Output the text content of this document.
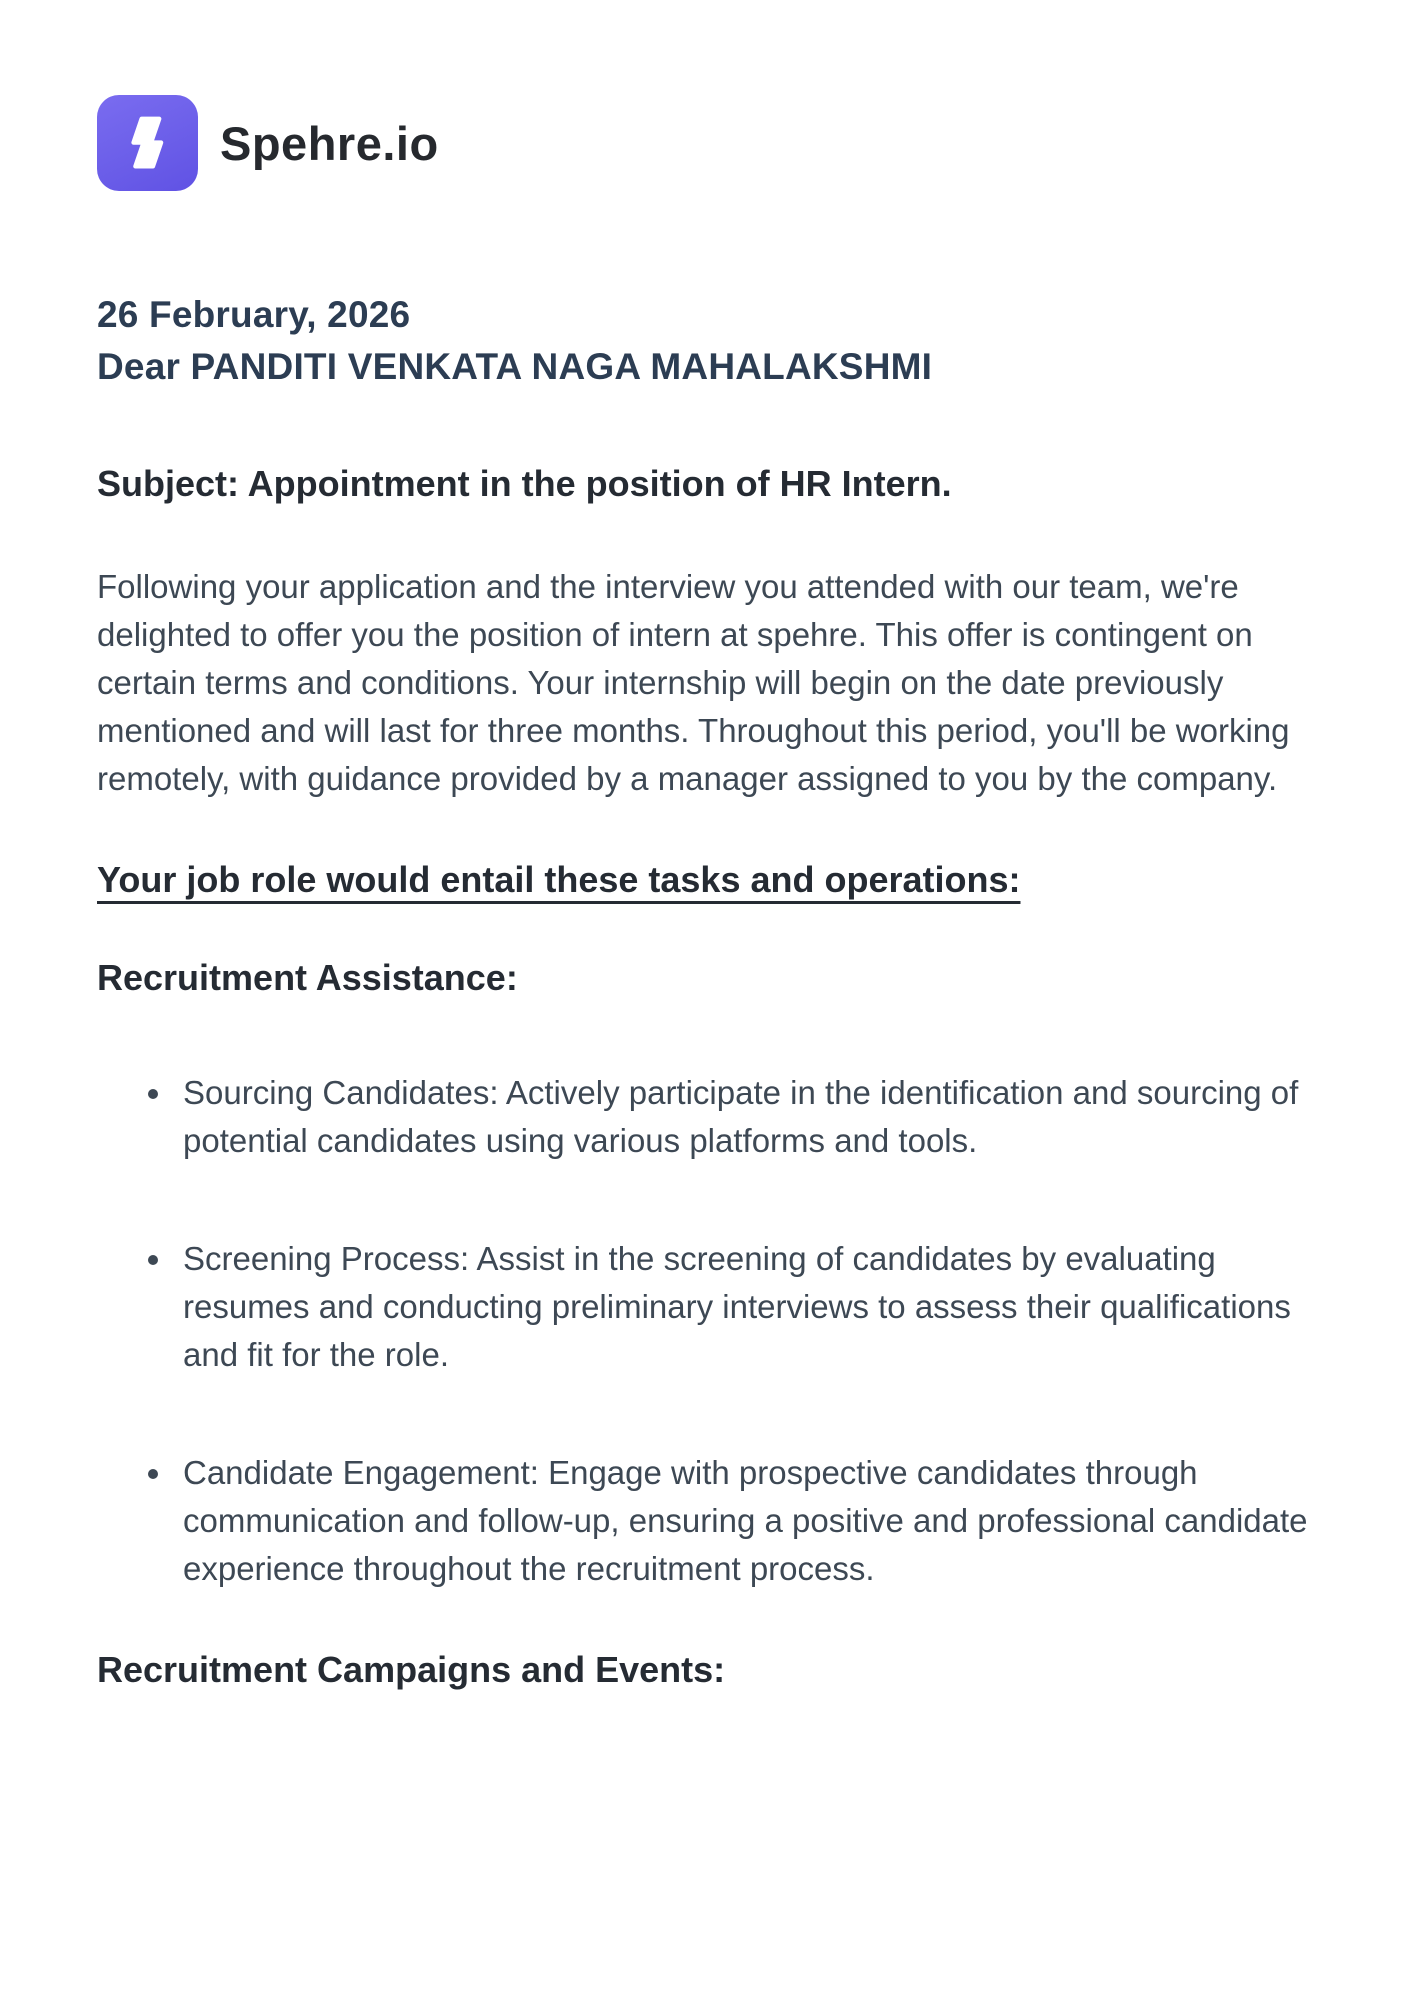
Spehre.io

26 February, 2026

Dear PANDITI VENKATA NAGA MAHALAKSHMI

Subject: Appointment in the position of HR Intern.

Following your application and the interview you attended with our team, we're delighted to offer you the position of intern at spehre. This offer is contingent on certain terms and conditions. Your internship will begin on the date previously mentioned and will last for three months. Throughout this period, you'll be working remotely, with guidance provided by a manager assigned to you by the company.

Your job role would entail these tasks and operations:

Recruitment Assistance:
• Sourcing Candidates: Actively participate in the identification and sourcing of potential candidates using various platforms and tools.
• Screening Process: Assist in the screening of candidates by evaluating resumes and conducting preliminary interviews to assess their qualifications and fit for the role.
• Candidate Engagement: Engage with prospective candidates through communication and follow-up, ensuring a positive and professional candidate experience throughout the recruitment process.
Recruitment Campaigns and Events:
